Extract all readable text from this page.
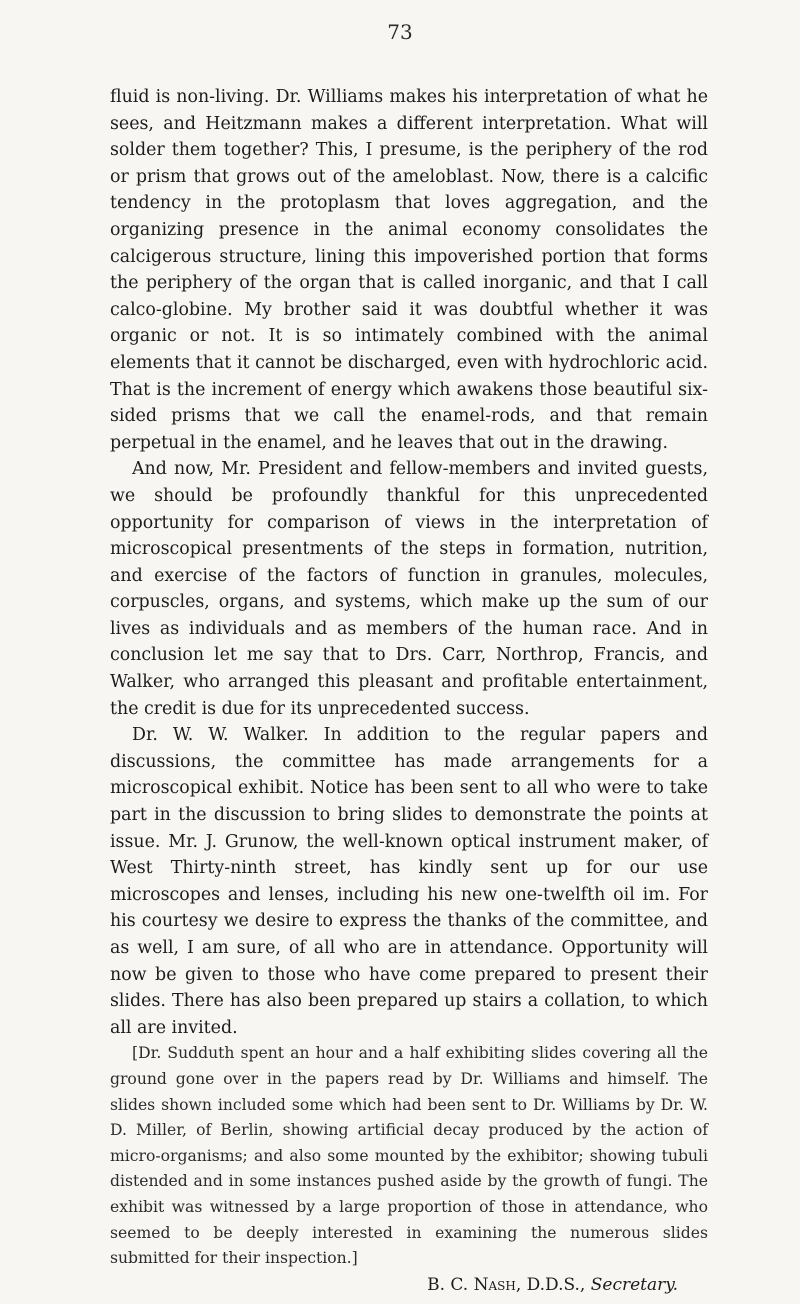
73

fluid is non-living. Dr. Williams makes his interpretation of what he sees, and Heitzmann makes a different interpretation. What will solder them together? This, I presume, is the periphery of the rod or prism that grows out of the ameloblast. Now, there is a calcific tendency in the protoplasm that loves aggregation, and the organizing presence in the animal economy consolidates the calcigerous structure, lining this impoverished portion that forms the periphery of the organ that is called inorganic, and that I call calco-globine. My brother said it was doubtful whether it was organic or not. It is so intimately combined with the animal elements that it cannot be discharged, even with hydrochloric acid. That is the increment of energy which awakens those beautiful six-sided prisms that we call the enamel-rods, and that remain perpetual in the enamel, and he leaves that out in the drawing.

And now, Mr. President and fellow-members and invited guests, we should be profoundly thankful for this unprecedented opportunity for comparison of views in the interpretation of microscopical presentments of the steps in formation, nutrition, and exercise of the factors of function in granules, molecules, corpuscles, organs, and systems, which make up the sum of our lives as individuals and as members of the human race. And in conclusion let me say that to Drs. Carr, Northrop, Francis, and Walker, who arranged this pleasant and profitable entertainment, the credit is due for its unprecedented success.

Dr. W. W. Walker. In addition to the regular papers and discussions, the committee has made arrangements for a microscopical exhibit. Notice has been sent to all who were to take part in the discussion to bring slides to demonstrate the points at issue. Mr. J. Grunow, the well-known optical instrument maker, of West Thirty-ninth street, has kindly sent up for our use microscopes and lenses, including his new one-twelfth oil im. For his courtesy we desire to express the thanks of the committee, and as well, I am sure, of all who are in attendance. Opportunity will now be given to those who have come prepared to present their slides. There has also been prepared up stairs a collation, to which all are invited.

[Dr. Sudduth spent an hour and a half exhibiting slides covering all the ground gone over in the papers read by Dr. Williams and himself. The slides shown included some which had been sent to Dr. Williams by Dr. W. D. Miller, of Berlin, showing artificial decay produced by the action of micro-organisms; and also some mounted by the exhibitor; showing tubuli distended and in some instances pushed aside by the growth of fungi. The exhibit was witnessed by a large proportion of those in attendance, who seemed to be deeply interested in examining the numerous slides submitted for their inspection.]

B. C. Nash, D.D.S., Secretary.
